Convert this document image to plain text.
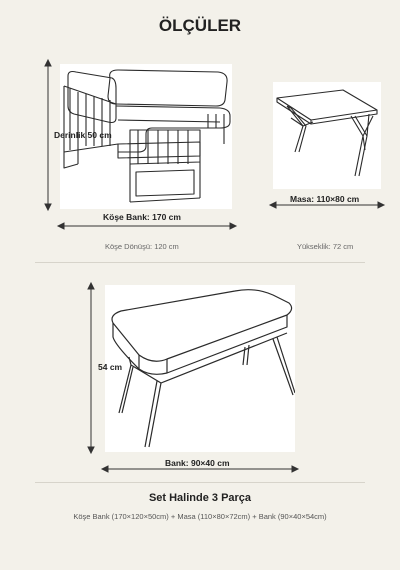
ÖLÇÜLER
Derinlik 50 cm
Köşe Bank: 170 cm
Masa: 110×80 cm
Köşe Dönüşü: 120 cm	Yükseklik: 72 cm
54 cm
Bank: 90×40 cm
Set Halinde 3 Parça
Köşe Bank (170×120×50cm) + Masa (110×80×72cm) + Bank (90×40×54cm)
